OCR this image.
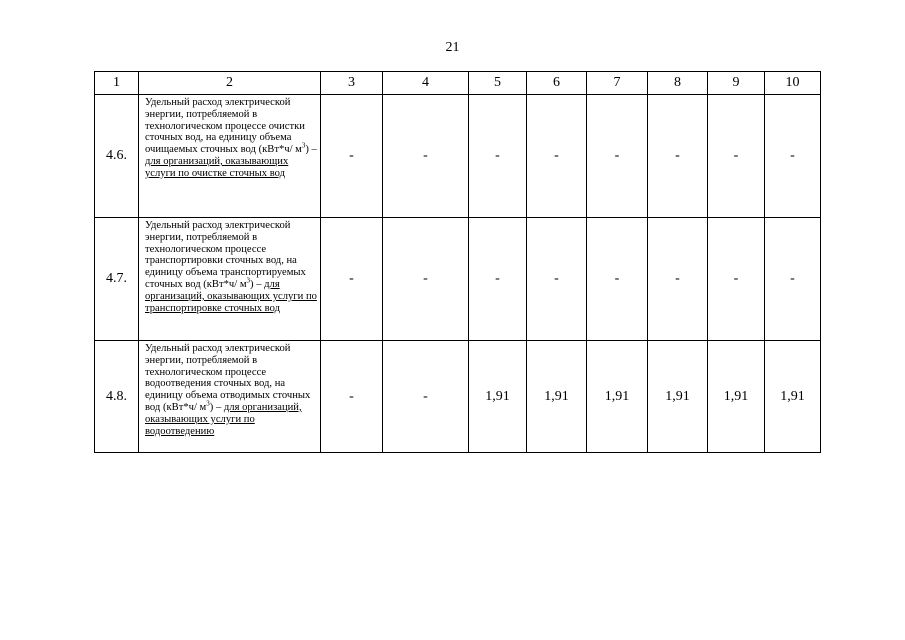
21
1	2	3	4	5	6	7	8	9	10
4.6.	Удельный расход электрической энергии, потребляемой в технологическом процессе очистки сточных вод, на единицу объема очищаемых сточных вод (кВт*ч/ $м^3$) – для организаций, оказывающих услуги по очистке сточных вод	-	-	-	-	-	-	-	-
4.7.	Удельный расход электрической энергии, потребляемой в технологическом процессе транспортировки сточных вод, на единицу объема транспортируемых сточных вод (кВт*ч/ $м^3$) – для организаций, оказывающих услуги по транспортировке сточных вод	-	-	-	-	-	-	-	-
4.8.	Удельный расход электрической энергии, потребляемой в технологическом процессе водоотведения сточных вод, на единицу объема отводимых сточных вод (кВт*ч/ $м^3$) – для организаций, оказывающих услуги по водоотведению	-	-	1,91	1,91	1,91	1,91	1,91	1,91
